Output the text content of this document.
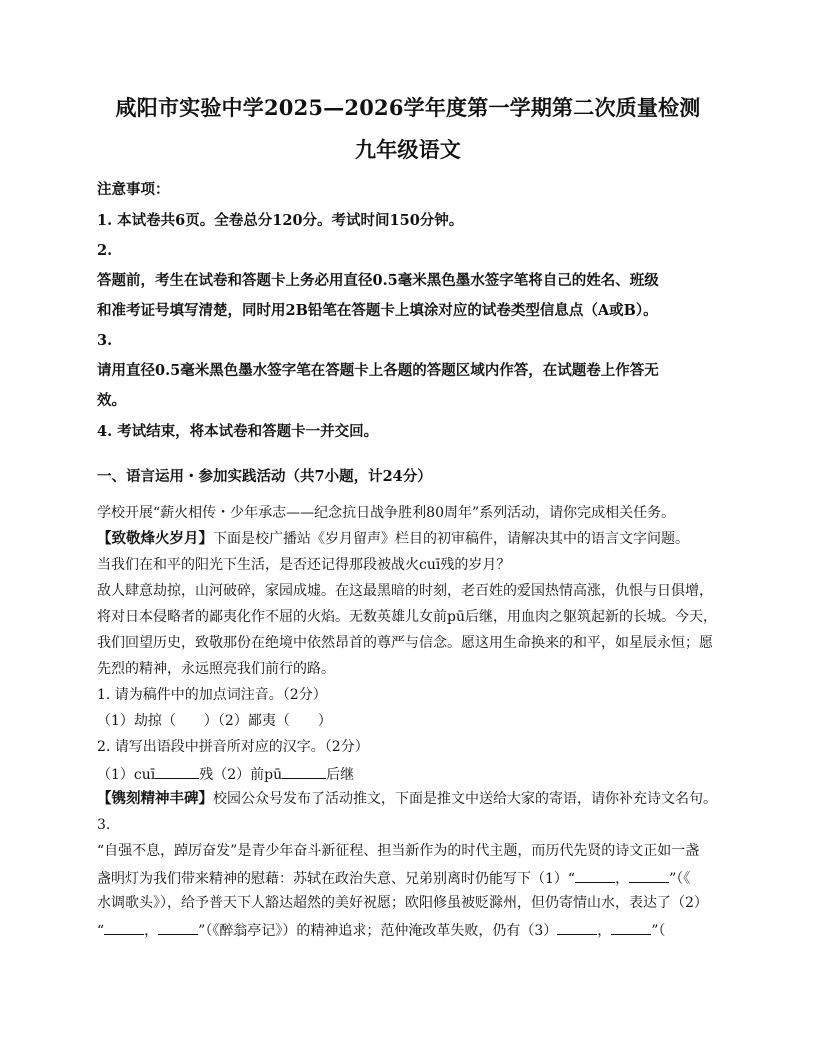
咸阳市实验中学2025—2026学年度第一学期第二次质量检测
九年级语文
注意事项：
1. 本试卷共6页。全卷总分120分。考试时间150分钟。
2.
答题前，考生在试卷和答题卡上务必用直径0.5毫米黑色墨水签字笔将自己的姓名、班级
和准考证号填写清楚，同时用2B铅笔在答题卡上填涂对应的试卷类型信息点（A或B）。
3.
请用直径0.5毫米黑色墨水签字笔在答题卡上各题的答题区域内作答，在试题卷上作答无
效。
4. 考试结束，将本试卷和答题卡一并交回。
一、语言运用・参加实践活动（共7小题，计24分）
学校开展“薪火相传・少年承志——纪念抗日战争胜利80周年”系列活动，请你完成相关任务。
【致敬烽火岁月】下面是校广播站《岁月留声》栏目的初审稿件，请解决其中的语言文字问题。
当我们在和平的阳光下生活，是否还记得那段被战火cuī残的岁月？
敌人肆意劫掠，山河破碎，家园成墟。在这最黑暗的时刻，老百姓的爱国热情高涨，仇恨与日俱增，
将对日本侵略者的鄙夷化作不屈的火焰。无数英雄儿女前pū后继，用血肉之躯筑起新的长城。今天，
我们回望历史，致敬那份在绝境中依然昂首的尊严与信念。愿这用生命换来的和平，如星辰永恒；愿
先烈的精神，永远照亮我们前行的路。
1. 请为稿件中的加点词注音。（2分）
（1）劫掠（　　）（2）鄙夷（　　）
2. 请写出语段中拼音所对应的汉字。（2分）
（1）cuī	残（2）前pū	后继
【镌刻精神丰碑】校园公众号发布了活动推文，下面是推文中送给大家的寄语，请你补充诗文名句。
3.
“自强不息，踔厉奋发”是青少年奋斗新征程、担当新作为的时代主题，而历代先贤的诗文正如一盏
盏明灯为我们带来精神的慰藉：苏轼在政治失意、兄弟别离时仍能写下（1）“	，	”（《
水调歌头》），给予普天下人豁达超然的美好祝愿；欧阳修虽被贬滁州，但仍寄情山水，表达了（2）
“	，	”（《醉翁亭记》）的精神追求；范仲淹改革失败，仍有（3）	，	”（
